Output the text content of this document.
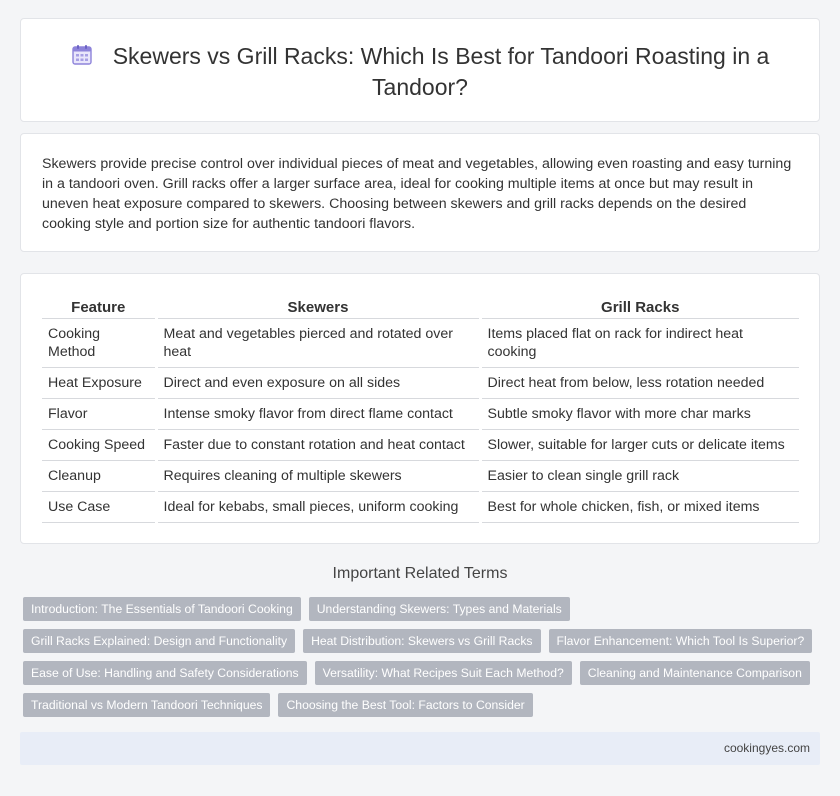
Skewers vs Grill Racks: Which Is Best for Tandoori Roasting in a Tandoor?

Skewers provide precise control over individual pieces of meat and vegetables, allowing even roasting and easy turning in a tandoori oven. Grill racks offer a larger surface area, ideal for cooking multiple items at once but may result in uneven heat exposure compared to skewers. Choosing between skewers and grill racks depends on the desired cooking style and portion size for authentic tandoori flavors.

Feature	Skewers	Grill Racks
Cooking Method	Meat and vegetables pierced and rotated over heat	Items placed flat on rack for indirect heat cooking
Heat Exposure	Direct and even exposure on all sides	Direct heat from below, less rotation needed
Flavor	Intense smoky flavor from direct flame contact	Subtle smoky flavor with more char marks
Cooking Speed	Faster due to constant rotation and heat contact	Slower, suitable for larger cuts or delicate items
Cleanup	Requires cleaning of multiple skewers	Easier to clean single grill rack
Use Case	Ideal for kebabs, small pieces, uniform cooking	Best for whole chicken, fish, or mixed items
Important Related Terms
Introduction: The Essentials of Tandoori Cooking	Understanding Skewers: Types and Materials
Grill Racks Explained: Design and Functionality	Heat Distribution: Skewers vs Grill Racks	Flavor Enhancement: Which Tool Is Superior?
Ease of Use: Handling and Safety Considerations	Versatility: What Recipes Suit Each Method?	Cleaning and Maintenance Comparison
Traditional vs Modern Tandoori Techniques	Choosing the Best Tool: Factors to Consider
cookingyes.com
